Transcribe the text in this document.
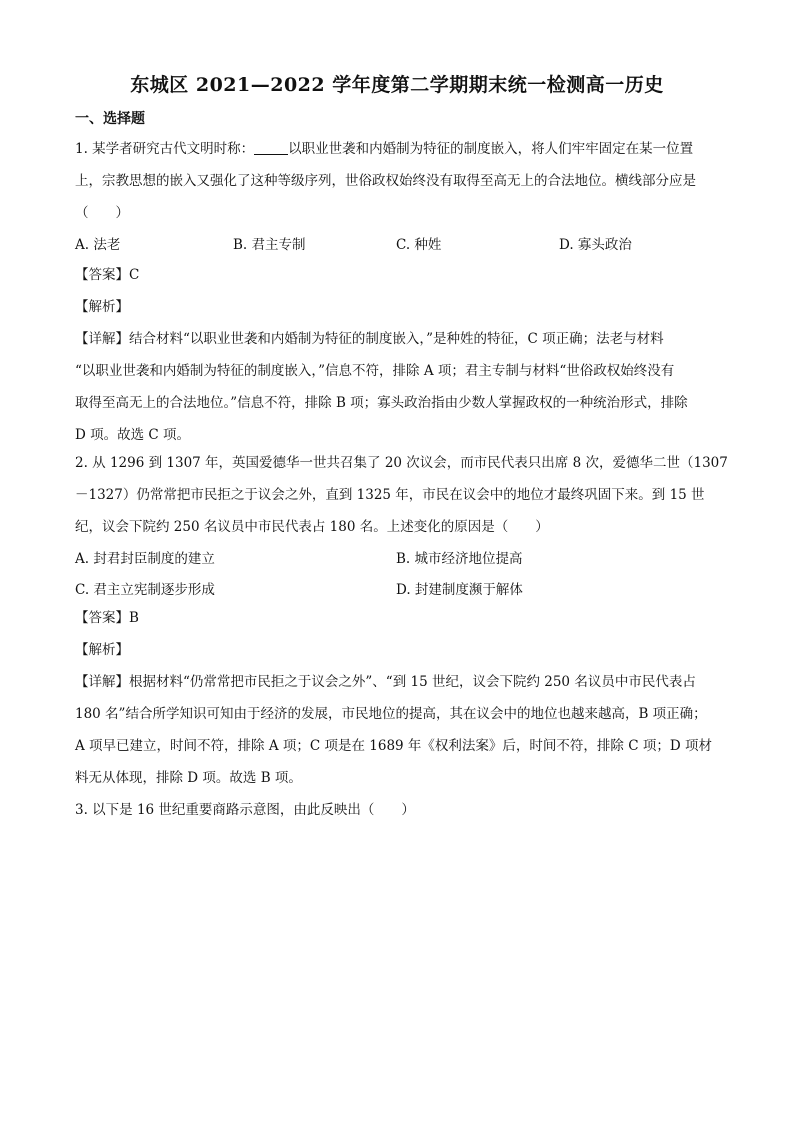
东城区 2021—2022 学年度第二学期期末统一检测高一历史
一、选择题
1. 某学者研究古代文明时称：	以职业世袭和内婚制为特征的制度嵌入，将人们牢牢固定在某一位置
上，宗教思想的嵌入又强化了这种等级序列，世俗政权始终没有取得至高无上的合法地位。横线部分应是
（　　）
A. 法老	B. 君主专制	C. 种姓	D. 寡头政治
【答案】C
【解析】
【详解】结合材料“以职业世袭和内婚制为特征的制度嵌入，”是种姓的特征，C 项正确；法老与材料
“以职业世袭和内婚制为特征的制度嵌入，”信息不符，排除 A 项；君主专制与材料“世俗政权始终没有
取得至高无上的合法地位。”信息不符，排除 B 项；寡头政治指由少数人掌握政权的一种统治形式，排除
D 项。故选 C 项。
2. 从 1296 到 1307 年，英国爱德华一世共召集了 20 次议会，而市民代表只出席 8 次，爱德华二世（1307
－1327）仍常常把市民拒之于议会之外，直到 1325 年，市民在议会中的地位才最终巩固下来。到 15 世
纪，议会下院约 250 名议员中市民代表占 180 名。上述变化的原因是（　　）
A. 封君封臣制度的建立	B. 城市经济地位提高
C. 君主立宪制逐步形成	D. 封建制度濒于解体
【答案】B
【解析】
【详解】根据材料“仍常常把市民拒之于议会之外”、“到 15 世纪，议会下院约 250 名议员中市民代表占
180 名”结合所学知识可知由于经济的发展，市民地位的提高，其在议会中的地位也越来越高，B 项正确；
A 项早已建立，时间不符，排除 A 项；C 项是在 1689 年《权利法案》后，时间不符，排除 C 项；D 项材
料无从体现，排除 D 项。故选 B 项。
3. 以下是 16 世纪重要商路示意图，由此反映出（　　）
